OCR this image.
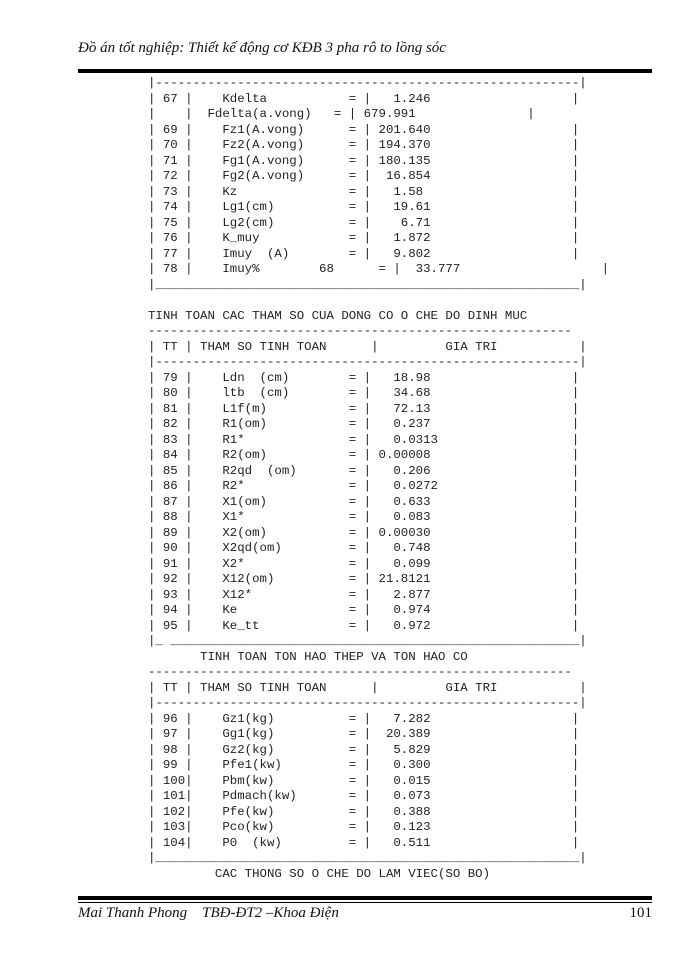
Đồ án tốt nghiệp: Thiết kế động cơ KĐB 3 pha rô to lồng sóc
|---------------------------------------------------------|
| 67 |    Kdelta           = |   1.246                   |
|    |  Fdelta(a.vong)   = | 679.991               |
| 69 |    Fz1(A.vong)      = | 201.640                   |
| 70 |    Fz2(A.vong)      = | 194.370                   |
| 71 |    Fg1(A.vong)      = | 180.135                   |
| 72 |    Fg2(A.vong)      = |  16.854                   |
| 73 |    Kz               = |   1.58                    |
| 74 |    Lg1(cm)          = |   19.61                   |
| 75 |    Lg2(cm)          = |    6.71                   |
| 76 |    K_muy            = |   1.872                   |
| 77 |    Imuy  (A)        = |   9.802                   |
| 78 |    Imuy%        68      = |  33.777                   |
|_________________________________________________________|

TINH TOAN CAC THAM SO CUA DONG CO O CHE DO DINH MUC
---------------------------------------------------------
| TT | THAM SO TINH TOAN      |         GIA TRI           |
|---------------------------------------------------------|
| 79 |    Ldn  (cm)        = |   18.98                   |
| 80 |    ltb  (cm)        = |   34.68                   |
| 81 |    L1f(m)           = |   72.13                   |
| 82 |    R1(om)           = |   0.237                   |
| 83 |    R1*              = |   0.0313                  |
| 84 |    R2(om)           = | 0.00008                   |
| 85 |    R2qd  (om)       = |   0.206                   |
| 86 |    R2*              = |   0.0272                  |
| 87 |    X1(om)           = |   0.633                   |
| 88 |    X1*              = |   0.083                   |
| 89 |    X2(om)           = | 0.00030                   |
| 90 |    X2qd(om)         = |   0.748                   |
| 91 |    X2*              = |   0.099                   |
| 92 |    X12(om)          = | 21.8121                   |
| 93 |    X12*             = |   2.877                   |
| 94 |    Ke               = |   0.974                   |
| 95 |    Ke_tt            = |   0.972                   |
|_ _______________________________________________________|
TINH TOAN TON HAO THEP VA TON HAO CO
---------------------------------------------------------
| TT | THAM SO TINH TOAN      |         GIA TRI           |
|---------------------------------------------------------|
| 96 |    Gz1(kg)          = |   7.282                   |
| 97 |    Gg1(kg)          = |  20.389                   |
| 98 |    Gz2(kg)          = |   5.829                   |
| 99 |    Pfe1(kw)         = |   0.300                   |
| 100|    Pbm(kw)          = |   0.015                   |
| 101|    Pdmach(kw)       = |   0.073                   |
| 102|    Pfe(kw)          = |   0.388                   |
| 103|    Pco(kw)          = |   0.123                   |
| 104|    P0  (kw)         = |   0.511                   |
|_________________________________________________________|
CAC THONG SO O CHE DO LAM VIEC(SO BO)
Mai Thanh Phong    TBĐ-ĐT2 –Khoa Điện	101
